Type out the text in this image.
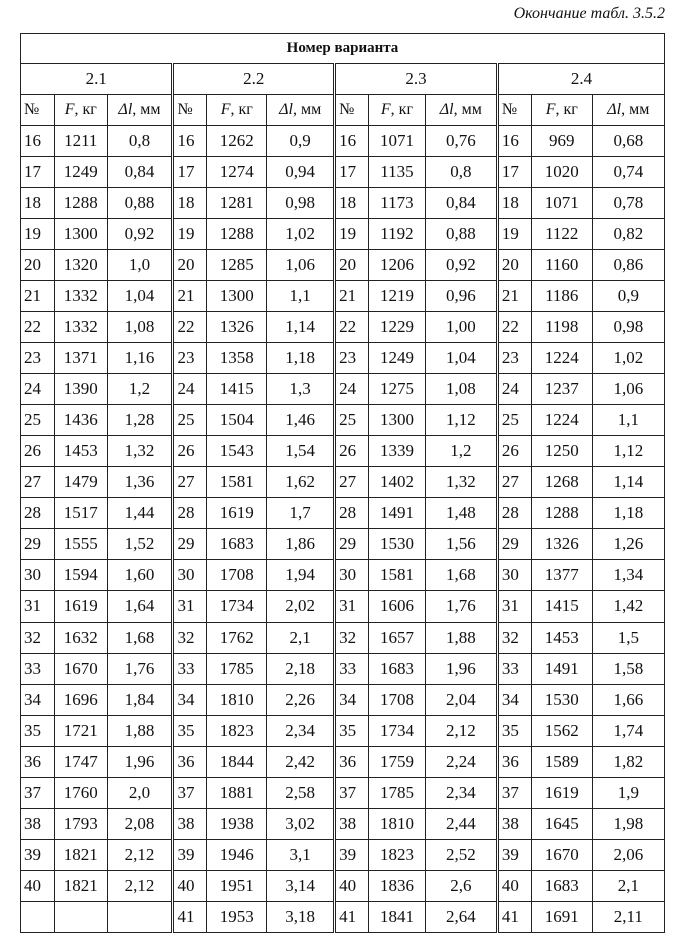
Окончание табл. 3.5.2
Номер варианта											
2.1			2.2			2.3			2.4		
№	F, кг	Δl, мм	№	F, кг	Δl, мм	№	F, кг	Δl, мм	№	F, кг	Δl, мм
16	1211	0,8	16	1262	0,9	16	1071	0,76	16	969	0,68
17	1249	0,84	17	1274	0,94	17	1135	0,8	17	1020	0,74
18	1288	0,88	18	1281	0,98	18	1173	0,84	18	1071	0,78
19	1300	0,92	19	1288	1,02	19	1192	0,88	19	1122	0,82
20	1320	1,0	20	1285	1,06	20	1206	0,92	20	1160	0,86
21	1332	1,04	21	1300	1,1	21	1219	0,96	21	1186	0,9
22	1332	1,08	22	1326	1,14	22	1229	1,00	22	1198	0,98
23	1371	1,16	23	1358	1,18	23	1249	1,04	23	1224	1,02
24	1390	1,2	24	1415	1,3	24	1275	1,08	24	1237	1,06
25	1436	1,28	25	1504	1,46	25	1300	1,12	25	1224	1,1
26	1453	1,32	26	1543	1,54	26	1339	1,2	26	1250	1,12
27	1479	1,36	27	1581	1,62	27	1402	1,32	27	1268	1,14
28	1517	1,44	28	1619	1,7	28	1491	1,48	28	1288	1,18
29	1555	1,52	29	1683	1,86	29	1530	1,56	29	1326	1,26
30	1594	1,60	30	1708	1,94	30	1581	1,68	30	1377	1,34
31	1619	1,64	31	1734	2,02	31	1606	1,76	31	1415	1,42
32	1632	1,68	32	1762	2,1	32	1657	1,88	32	1453	1,5
33	1670	1,76	33	1785	2,18	33	1683	1,96	33	1491	1,58
34	1696	1,84	34	1810	2,26	34	1708	2,04	34	1530	1,66
35	1721	1,88	35	1823	2,34	35	1734	2,12	35	1562	1,74
36	1747	1,96	36	1844	2,42	36	1759	2,24	36	1589	1,82
37	1760	2,0	37	1881	2,58	37	1785	2,34	37	1619	1,9
38	1793	2,08	38	1938	3,02	38	1810	2,44	38	1645	1,98
39	1821	2,12	39	1946	3,1	39	1823	2,52	39	1670	2,06
40	1821	2,12	40	1951	3,14	40	1836	2,6	40	1683	2,1
			41	1953	3,18	41	1841	2,64	41	1691	2,11
